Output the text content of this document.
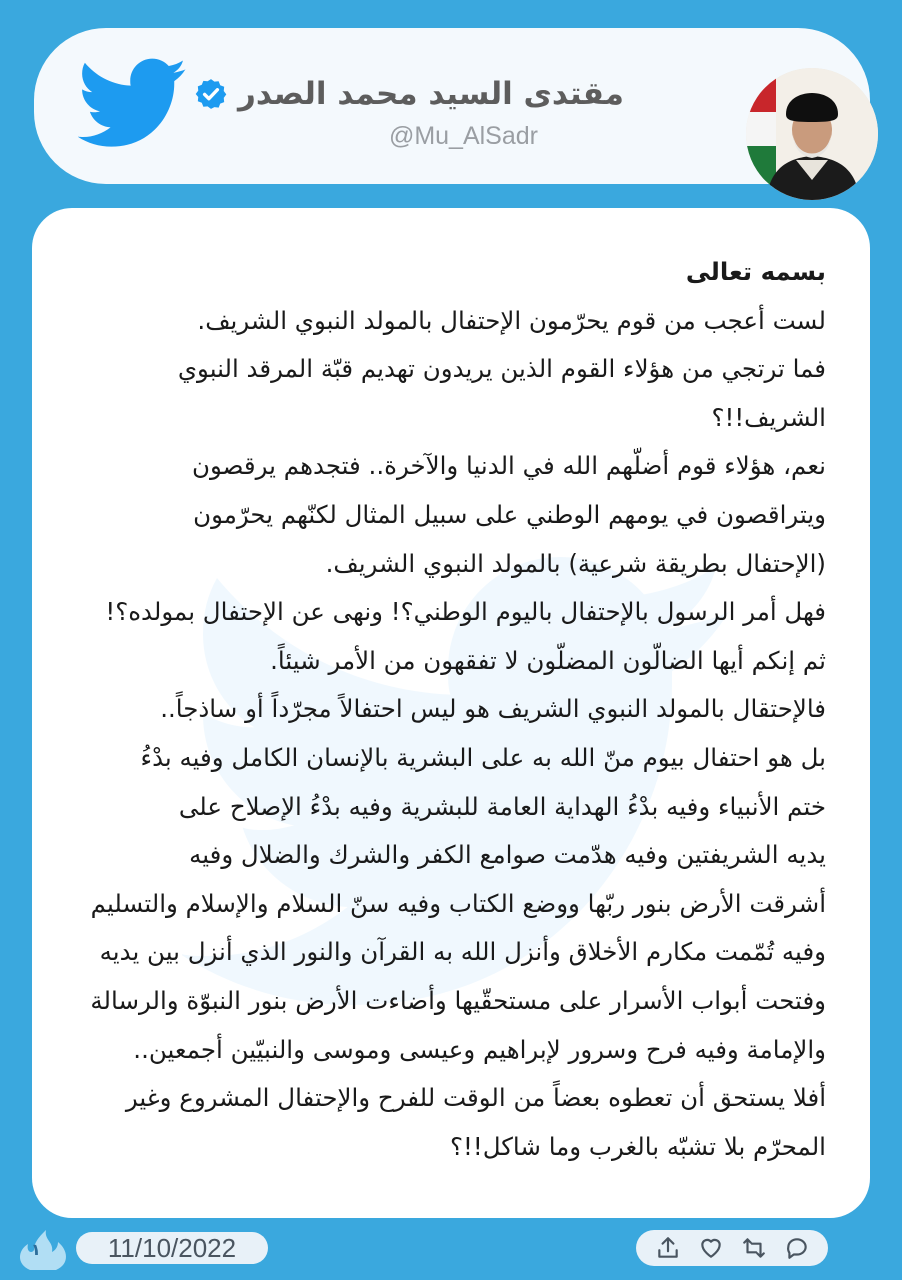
مقتدى السيد محمد الصدر
@Mu_AlSadr
بسمه تعالى
لست أعجب من قوم يحرّمون الإحتفال بالمولد النبوي الشريف.
فما ترتجي من هؤلاء القوم الذين يريدون تهديم قبّة المرقد النبوي
الشريف!!؟
نعم، هؤلاء قوم أضلّهم الله في الدنيا والآخرة.. فتجدهم يرقصون
ويتراقصون في يومهم الوطني على سبيل المثال لكنّهم يحرّمون
(الإحتفال بطريقة شرعية) بالمولد النبوي الشريف.
فهل أمر الرسول بالإحتفال باليوم الوطني؟! ونهى عن الإحتفال بمولده؟!
ثم إنكم أيها الضالّون المضلّون لا تفقهون من الأمر شيئاً.
فالإحتقال بالمولد النبوي الشريف هو ليس احتفالاً مجرّداً أو ساذجاً..
بل هو احتفال بيوم منّ الله به على البشرية بالإنسان الكامل وفيه بدْءُ
ختم الأنبياء وفيه بدْءُ الهداية العامة للبشرية وفيه بدْءُ الإصلاح على
يديه الشريفتين وفيه هدّمت صوامع الكفر والشرك والضلال وفيه
أشرقت الأرض بنور ربّها ووضع الكتاب وفيه سنّ السلام والإسلام والتسليم
وفيه تُمّمت مكارم الأخلاق وأنزل الله به القرآن والنور الذي أنزل بين يديه
وفتحت أبواب الأسرار على مستحقّيها وأضاءت الأرض بنور النبوّة والرسالة
والإمامة وفيه فرح وسرور لإبراهيم وعيسى وموسى والنبيّين أجمعين..
أفلا يستحق أن تعطوه بعضاً من الوقت للفرح والإحتفال المشروع وغير
المحرّم بلا تشبّه بالغرب وما شاكل!!؟
١	11/10/2022
